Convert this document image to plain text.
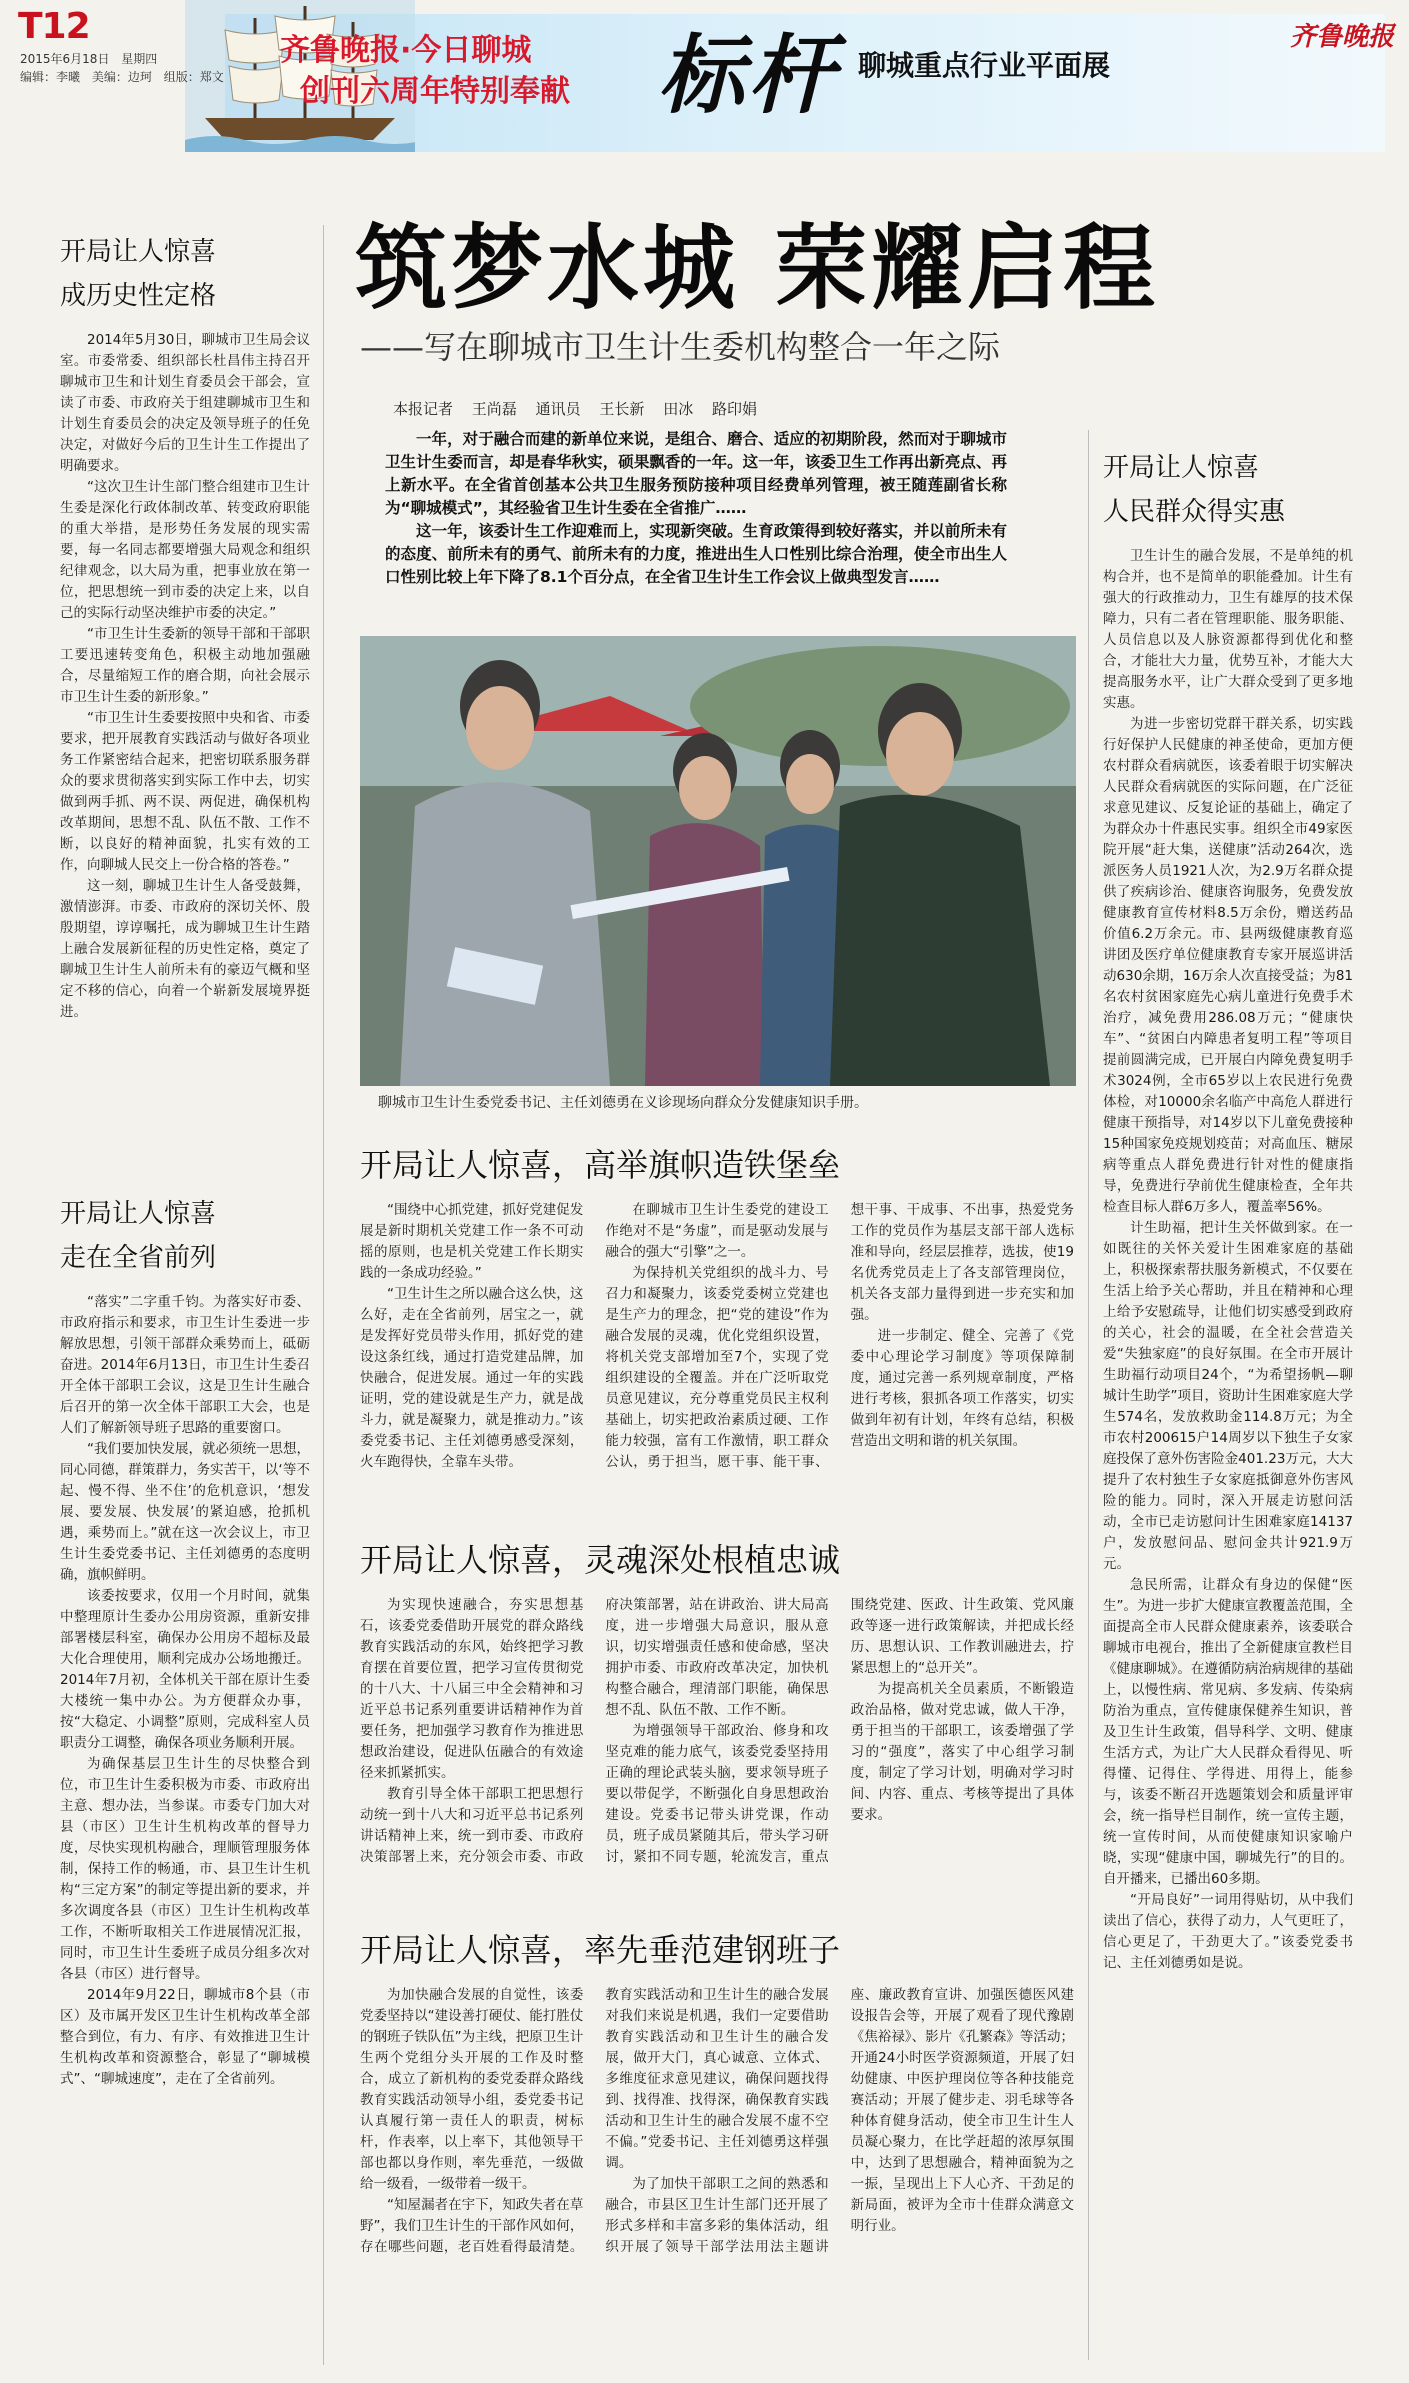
T12
2015年6月18日 星期四
编辑：李曦 美编：边珂 组版：郑文
齐鲁晚报·今日聊城
创刊六周年特别奉献 标杆 聊城重点行业平面展
齐鲁晚报
筑梦水城 荣耀启程
——写在聊城市卫生计生委机构整合一年之际
本报记者 王尚磊 通讯员 王长新 田冰 路印娟

一年，对于融合而建的新单位来说，是组合、磨合、适应的初期阶段，然而对于聊城市卫生计生委而言，却是春华秋实，硕果飘香的一年。这一年，该委卫生工作再出新亮点、再上新水平。在全省首创基本公共卫生服务预防接种项目经费单列管理，被王随莲副省长称为“聊城模式”，其经验省卫生计生委在全省推广……

这一年，该委计生工作迎难而上，实现新突破。生育政策得到较好落实，并以前所未有的态度、前所未有的勇气、前所未有的力度，推进出生人口性别比综合治理，使全市出生人口性别比较上年下降了8.1个百分点，在全省卫生计生工作会议上做典型发言……

开局让人惊喜
成历史性定格

2014年5月30日，聊城市卫生局会议室。市委常委、组织部长杜昌伟主持召开聊城市卫生和计划生育委员会干部会，宣读了市委、市政府关于组建聊城市卫生和计划生育委员会的决定及领导班子的任免决定，对做好今后的卫生计生工作提出了明确要求。

“这次卫生计生部门整合组建市卫生计生委是深化行政体制改革、转变政府职能的重大举措，是形势任务发展的现实需要，每一名同志都要增强大局观念和组织纪律观念，以大局为重，把事业放在第一位，把思想统一到市委的决定上来，以自己的实际行动坚决维护市委的决定。”

“市卫生计生委新的领导干部和干部职工要迅速转变角色，积极主动地加强融合，尽量缩短工作的磨合期，向社会展示市卫生计生委的新形象。”

“市卫生计生委要按照中央和省、市委要求，把开展教育实践活动与做好各项业务工作紧密结合起来，把密切联系服务群众的要求贯彻落实到实际工作中去，切实做到两手抓、两不误、两促进，确保机构改革期间，思想不乱、队伍不散、工作不断，以良好的精神面貌，扎实有效的工作，向聊城人民交上一份合格的答卷。”

这一刻，聊城卫生计生人备受鼓舞，激情澎湃。市委、市政府的深切关怀、殷殷期望，谆谆嘱托，成为聊城卫生计生踏上融合发展新征程的历史性定格，奠定了聊城卫生计生人前所未有的豪迈气概和坚定不移的信心，向着一个崭新发展境界挺进。

开局让人惊喜
走在全省前列

“落实”二字重千钧。为落实好市委、市政府指示和要求，市卫生计生委进一步解放思想，引领干部群众乘势而上，砥砺奋进。2014年6月13日，市卫生计生委召开全体干部职工会议，这是卫生计生融合后召开的第一次全体干部职工大会，也是人们了解新领导班子思路的重要窗口。

“我们要加快发展，就必须统一思想，同心同德，群策群力，务实苦干，以‘等不起、慢不得、坐不住’的危机意识，‘想发展、要发展、快发展’的紧迫感，抢抓机遇，乘势而上。”就在这一次会议上，市卫生计生委党委书记、主任刘德勇的态度明确，旗帜鲜明。

该委按要求，仅用一个月时间，就集中整理原计生委办公用房资源，重新安排部署楼层科室，确保办公用房不超标及最大化合理使用，顺利完成办公场地搬迁。2014年7月初，全体机关干部在原计生委大楼统一集中办公。为方便群众办事，按“大稳定、小调整”原则，完成科室人员职责分工调整，确保各项业务顺利开展。

为确保基层卫生计生的尽快整合到位，市卫生计生委积极为市委、市政府出主意、想办法，当参谋。市委专门加大对县（市区）卫生计生机构改革的督导力度，尽快实现机构融合，理顺管理服务体制，保持工作的畅通，市、县卫生计生机构“三定方案”的制定等提出新的要求，并多次调度各县（市区）卫生计生机构改革工作，不断听取相关工作进展情况汇报，同时，市卫生计生委班子成员分组多次对各县（市区）进行督导。

2014年9月22日，聊城市8个县（市区）及市属开发区卫生计生机构改革全部整合到位，有力、有序、有效推进卫生计生机构改革和资源整合，彰显了“聊城模式”、“聊城速度”，走在了全省前列。

聊城市卫生计生委党委书记、主任刘德勇在义诊现场向群众分发健康知识手册。
开局让人惊喜
人民群众得实惠

卫生计生的融合发展，不是单纯的机构合并，也不是简单的职能叠加。计生有强大的行政推动力，卫生有雄厚的技术保障力，只有二者在管理职能、服务职能、人员信息以及人脉资源都得到优化和整合，才能壮大力量，优势互补，才能大大提高服务水平，让广大群众受到了更多地实惠。

为进一步密切党群干群关系，切实践行好保护人民健康的神圣使命，更加方便农村群众看病就医，该委着眼于切实解决人民群众看病就医的实际问题，在广泛征求意见建议、反复论证的基础上，确定了为群众办十件惠民实事。组织全市49家医院开展“赶大集，送健康”活动264次，选派医务人员1921人次，为2.9万名群众提供了疾病诊治、健康咨询服务，免费发放健康教育宣传材料8.5万余份，赠送药品价值6.2万余元。市、县两级健康教育巡讲团及医疗单位健康教育专家开展巡讲活动630余期，16万余人次直接受益；为81名农村贫困家庭先心病儿童进行免费手术治疗，减免费用286.08万元；“健康快车”、“贫困白内障患者复明工程”等项目提前圆满完成，已开展白内障免费复明手术3024例，全市65岁以上农民进行免费体检，对10000余名临产中高危人群进行健康干预指导，对14岁以下儿童免费接种15种国家免疫规划疫苗；对高血压、糖尿病等重点人群免费进行针对性的健康指导，免费进行孕前优生健康检查，全年共检查目标人群6万多人，覆盖率56%。

计生助福，把计生关怀做到家。在一如既往的关怀关爱计生困难家庭的基础上，积极探索帮扶服务新模式，不仅要在生活上给予关心帮助，并且在精神和心理上给予安慰疏导，让他们切实感受到政府的关心，社会的温暖，在全社会营造关爱“失独家庭”的良好氛围。在全市开展计生助福行动项目24个，“为希望扬帆—聊城计生助学”项目，资助计生困难家庭大学生574名，发放救助金114.8万元；为全市农村200615户14周岁以下独生子女家庭投保了意外伤害险金401.23万元，大大提升了农村独生子女家庭抵御意外伤害风险的能力。同时，深入开展走访慰问活动，全市已走访慰问计生困难家庭14137户，发放慰问品、慰问金共计921.9万元。

急民所需，让群众有身边的保健“医生”。为进一步扩大健康宣教覆盖范围，全面提高全市人民群众健康素养，该委联合聊城市电视台，推出了全新健康宣教栏目《健康聊城》。在遵循防病治病规律的基础上，以慢性病、常见病、多发病、传染病防治为重点，宣传健康保健养生知识，普及卫生计生政策，倡导科学、文明、健康生活方式，为让广大人民群众看得见、听得懂、记得住、学得进、用得上，能参与，该委不断召开选题策划会和质量评审会，统一指导栏目制作，统一宣传主题，统一宣传时间，从而使健康知识家喻户晓，实现“健康中国，聊城先行”的目的。自开播来，已播出60多期。

“开局良好”一词用得贴切，从中我们读出了信心，获得了动力，人气更旺了，信心更足了，干劲更大了。”该委党委书记、主任刘德勇如是说。

开局让人惊喜，高举旗帜造铁堡垒

“围绕中心抓党建，抓好党建促发展是新时期机关党建工作一条不可动摇的原则，也是机关党建工作长期实践的一条成功经验。”

“卫生计生之所以融合这么快，这么好，走在全省前列，居宝之一，就是发挥好党员带头作用，抓好党的建设这条红线，通过打造党建品牌，加快融合，促进发展。通过一年的实践证明，党的建设就是生产力，就是战斗力，就是凝聚力，就是推动力。”该委党委书记、主任刘德勇感受深刻，火车跑得快，全靠车头带。

在聊城市卫生计生委党的建设工作绝对不是“务虚”，而是驱动发展与融合的强大“引擎”之一。

为保持机关党组织的战斗力、号召力和凝聚力，该委党委树立党建也是生产力的理念，把“党的建设”作为融合发展的灵魂，优化党组织设置，将机关党支部增加至7个，实现了党组织建设的全覆盖。并在广泛听取党员意见建议，充分尊重党员民主权利基础上，切实把政治素质过硬、工作能力较强，富有工作激情，职工群众公认，勇于担当，愿干事、能干事、想干事、干成事、不出事，热爱党务工作的党员作为基层支部干部人选标准和导向，经层层推荐，选拔，使19名优秀党员走上了各支部管理岗位，机关各支部力量得到进一步充实和加强。

进一步制定、健全、完善了《党委中心理论学习制度》等项保障制度，通过完善一系列规章制度，严格进行考核，狠抓各项工作落实，切实做到年初有计划，年终有总结，积极营造出文明和谐的机关氛围。

开局让人惊喜，灵魂深处根植忠诚

为实现快速融合，夯实思想基石，该委党委借助开展党的群众路线教育实践活动的东风，始终把学习教育摆在首要位置，把学习宣传贯彻党的十八大、十八届三中全会精神和习近平总书记系列重要讲话精神作为首要任务，把加强学习教育作为推进思想政治建设，促进队伍融合的有效途径来抓紧抓实。

教育引导全体干部职工把思想行动统一到十八大和习近平总书记系列讲话精神上来，统一到市委、市政府决策部署上来，充分领会市委、市政府决策部署，站在讲政治、讲大局高度，进一步增强大局意识，服从意识，切实增强责任感和使命感，坚决拥护市委、市政府改革决定，加快机构整合融合，理清部门职能，确保思想不乱、队伍不散、工作不断。

为增强领导干部政治、修身和攻坚克难的能力底气，该委党委坚持用正确的理论武装头脑，要求领导班子要以带促学，不断强化自身思想政治建设。党委书记带头讲党课，作动员，班子成员紧随其后，带头学习研讨，紧扣不同专题，轮流发言，重点围绕党建、医政、计生政策、党风廉政等逐一进行政策解读，并把成长经历、思想认识、工作教训融进去，拧紧思想上的“总开关”。

为提高机关全员素质，不断锻造政治品格，做对党忠诚，做人干净，勇于担当的干部职工，该委增强了学习的“强度”，落实了中心组学习制度，制定了学习计划，明确对学习时间、内容、重点、考核等提出了具体要求。

开局让人惊喜，率先垂范建钢班子

为加快融合发展的自觉性，该委党委坚持以“建设善打硬仗、能打胜仗的钢班子铁队伍”为主线，把原卫生计生两个党组分头开展的工作及时整合，成立了新机构的委党委群众路线教育实践活动领导小组，委党委书记认真履行第一责任人的职责，树标杆，作表率，以上率下，其他领导干部也都以身作则，率先垂范，一级做给一级看，一级带着一级干。

“知屋漏者在宇下，知政失者在草野”，我们卫生计生的干部作风如何，存在哪些问题，老百姓看得最清楚。教育实践活动和卫生计生的融合发展对我们来说是机遇，我们一定要借助教育实践活动和卫生计生的融合发展，做开大门，真心诚意、立体式、多维度征求意见建议，确保问题找得到、找得准、找得深，确保教育实践活动和卫生计生的融合发展不虚不空不偏。”党委书记、主任刘德勇这样强调。

为了加快干部职工之间的熟悉和融合，市县区卫生计生部门还开展了形式多样和丰富多彩的集体活动，组织开展了领导干部学法用法主题讲座、廉政教育宣讲、加强医德医风建设报告会等，开展了观看了现代豫剧《焦裕禄》、影片《孔繁森》等活动；开通24小时医学资源频道，开展了妇幼健康、中医护理岗位等各种技能竞赛活动；开展了健步走、羽毛球等各种体育健身活动，使全市卫生计生人员凝心聚力，在比学赶超的浓厚氛围中，达到了思想融合，精神面貌为之一振，呈现出上下人心齐、干劲足的新局面，被评为全市十佳群众满意文明行业。
